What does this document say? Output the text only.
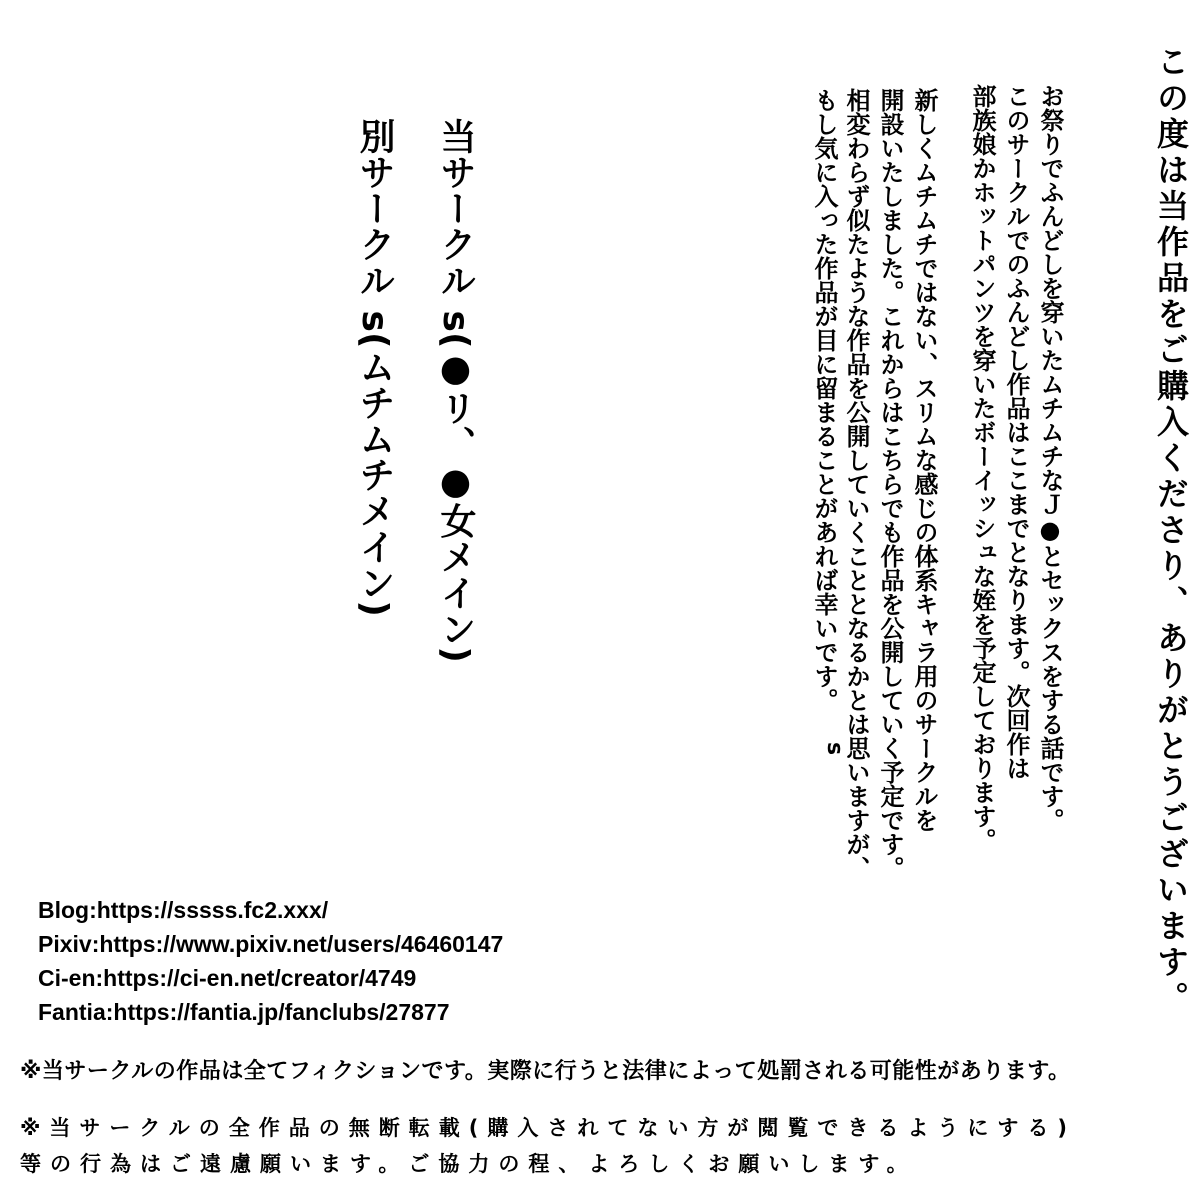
この度は当作品をご購入くださり、ありがとうございます。
お祭りでふんどしを穿いたムチムチなＪ●とセックスをする話です。
このサークルでのふんどし作品はここまでとなります。次回作は
部族娘かホットパンツを穿いたボーイッシュな姪を予定しております。
新しくムチムチではない、スリムな感じの体系キャラ用のサークルを
開設いたしました。これからはこちらでも作品を公開していく予定です。
相変わらず似たような作品を公開していくこととなるかとは思いますが、
もし気に入った作品が目に留まることがあれば幸いです。
s
当サークル s(●リ、●女メイン)
別サークル s(ムチムチメイン)
Blog:https://sssss.fc2.xxx/
Pixiv:https://www.pixiv.net/users/46460147
Ci-en:https://ci-en.net/creator/4749
Fantia:https://fantia.jp/fanclubs/27877
※当サークルの作品は全てフィクションです。実際に行うと法律によって処罰される可能性があります。
※当サークルの全作品の無断転載(購入されてない方が閲覧できるようにする)
等の行為はご遠慮願います。ご協力の程、よろしくお願いします。
